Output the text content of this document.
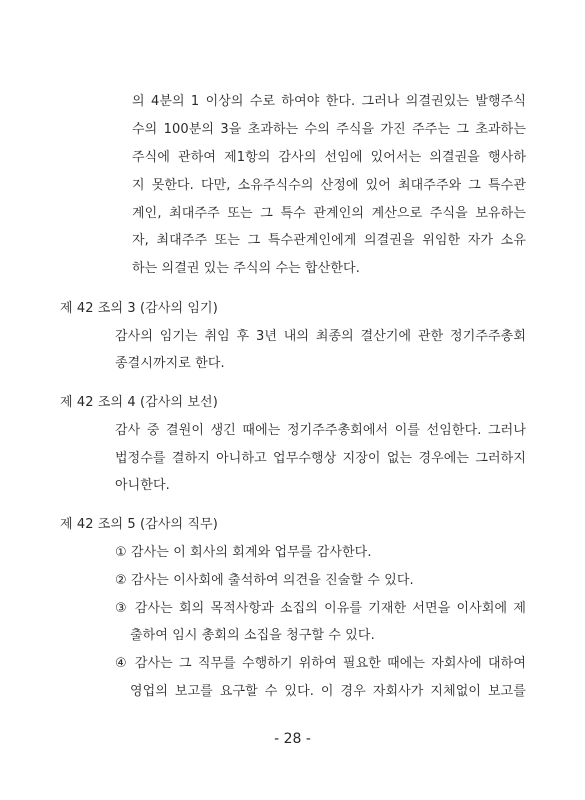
의 4분의 1 이상의 수로 하여야 한다. 그러나 의결권있는 발행주식
수의 100분의 3을 초과하는 수의 주식을 가진 주주는 그 초과하는
주식에 관하여 제1항의 감사의 선임에 있어서는 의결권을 행사하
지 못한다. 다만, 소유주식수의 산정에 있어 최대주주와 그 특수관
계인, 최대주주 또는 그 특수 관계인의 계산으로 주식을 보유하는
자, 최대주주 또는 그 특수관계인에게 의결권을 위임한 자가 소유
하는 의결권 있는 주식의 수는 합산한다.
제 42 조의 3 (감사의 임기)
감사의 임기는 취임 후 3년 내의 최종의 결산기에 관한 정기주주총회
종결시까지로 한다.
제 42 조의 4 (감사의 보선)
감사 중 결원이 생긴 때에는 정기주주총회에서 이를 선임한다. 그러나
법정수를 결하지 아니하고 업무수행상 지장이 없는 경우에는 그러하지
아니한다.
제 42 조의 5 (감사의 직무)
① 감사는 이 회사의 회계와 업무를 감사한다.
② 감사는 이사회에 출석하여 의견을 진술할 수 있다.
③ 감사는 회의 목적사항과 소집의 이유를 기재한 서면을 이사회에 제
출하여 임시 총회의 소집을 청구할 수 있다.
④ 감사는 그 직무를 수행하기 위하여 필요한 때에는 자회사에 대하여
영업의 보고를 요구할 수 있다. 이 경우 자회사가 지체없이 보고를
- 28 -
